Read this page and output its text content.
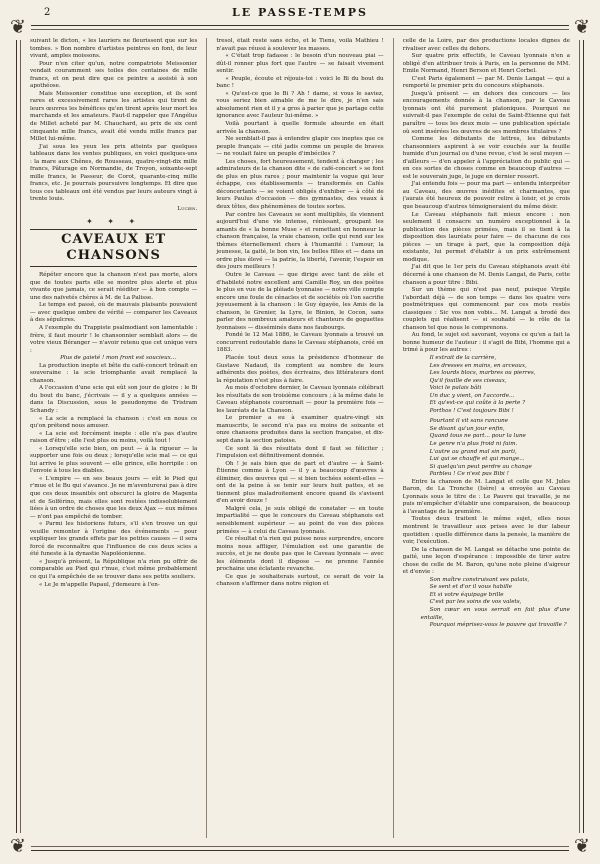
2	LE PASSE-TEMPS
❦	❦
❦	❦

suivant le dicton, « les lauriers ne fleurissent que sur les tombes. » Bon nombre d'artistes peintres en font, de leur vivant, amples moissons.

Pour n'en citer qu'un, notre compatriote Meissonier vendait couramment ses toiles des centaines de mille francs, et on peut dire que ce peintre a assisté à son apothéose.

Mais Meissonier constitue une exception, et ils sont rares et excessivement rares les artistes qui tirent de leurs œuvres les bénéfices qu'en tirent après leur mort les marchands et les amateurs. Faut-il rappeler que l'Angélus de Millet acheté par M. Chauchard, au prix de six cent cinquante mille francs, avait été vendu mille francs par Millet lui-même.

J'ai sous les yeux les prix atteints par quelques tableaux dans les ventes publiques, en voici quelques-uns : la mare aux Chênes, de Rousseau, quatre-vingt-dix mille francs, Pâturage en Normandie, de Troyon, soixante-sept mille francs, le Passeur, de Corot, quarante-cinq mille francs, etc. Je pourrais poursuivre longtemps. Et dire que tous ces tableaux ont été vendus par leurs auteurs vingt à trente louis.

Lucien.

✦ ✦ ✦
CAVEAUX ET CHANSONS

Répéter encore que la chanson n'est pas morte, alors que de toutes parts elle se montre plus alerte et plus vivante que jamais, ce serait rééditer — à bon compte — une des naïvetés chères à M. de La Palisse.

Le temps est passé, où de mauvais plaisants pouvaient — avec quelque ombre de vérité — comparer les Caveaux à des sépulcres.

A l'exemple du Trappiste psalmodiant son lamentable : frère, il faut mourir ! le chansonnier semblait alors — de votre vieux Béranger — n'avoir retenu que cet unique vers :

Plus de gaieté ! mon front est soucieux...

La production inepte et bête du café-concert trônait en souveraine : la scie triomphante avait remplacé la chanson.

A l'occasion d'une scie qui eût son jour de gloire : le Bi du bout du banc, j'écrivais — il y a quelques années — dans la Discussion, sous le pseudonyme de Tristram Schandy :

« La scie a remplacé la chanson : c'est en nous ce qu'on prétend nous amuser.

« La scie est forcément inepte : elle n'a pas d'autre raison d'être ; elle l'est plus ou moins, voilà tout !

« Lorsqu'elle scie bien, on peut — à la rigueur — la supporter une fois ou deux ; lorsqu'elle scie mal — ce qui lui arrive le plus souvent — elle grince, elle horripile : on l'envoie à tous les diables.

« L'empire — en ses beaux jours — eût le Pied qui r'mue et le Bu qui s'avance. Je ne m'aventurerai pas à dire que ces deux insanités ont obscurci la gloire de Magenta et de Solférino, mais elles sont restées indissolublement liées à un ordre de choses que les deux Ajax — eux mêmes — n'ont pas empêché de tomber.

« Parmi les historiens futurs, s'il s'en trouve un qui veuille remonter à l'origine des événements — pour expliquer les grands effets par les petites causes — il sera forcé de reconnaître que l'influence de ces deux scies a été funeste à la dynastie Napoléonienne.

« Jusqu'à présent, la République n'a rien pu offrir de comparable au Pied qui r'mue, c'est même probablement ce qui l'a empêchée de se trouver dans ses petits souliers.

« Le Je m'appelle Papaul, j'demeure à l'en-

tresol, était resté sans écho, et le Tiens, voilà Mathieu ! n'avait pas réussi à soulever les masses.

« C'était trop fadasse : le besoin d'un nouveau piai — dût-il ronner plus fort que l'autre — se faisait vivement sentir.

« Peuple, écoute et réjouis-toi : voici le Bi du bout du banc !

« Qu'est-ce que le Bi ? Ah ! dame, si vous le saviez, vous seriez bien aimable de me le dire, je n'en sais absolument rien et il y a gros à parier que je partage cette ignorance avec l'auteur lui-même. »

Voilà pourtant à quelle formule absurde en était arrivée la chanson.

Ne semblait-il pas à entendre glapir ces ineptes que ce peuple français — cité jadis comme un peuple de braves — ne voulait faire un peuple d'imbéciles ?

Les choses, fort heureusement, tendent à changer ; les admirateurs de la chanson dite « de café-concert » se font de plus en plus rares ; pour maintenir la vogue qui leur échappe, ces établissements — transformés en Cafés déconcertants — se voient obligés d'exhiber — à côté de leurs Paulus d'occasion — des gymnastes, des veaux à deux têtes, des phénomènes de toutes sortes.

Par contre les Caveaux se sont multipliés, ils viennent aujourd'hui d'une vie intense, rénissant, groupant les amants de « la bonne Muse » et remettant en honneur la chanson française, la vraie chanson, celle qui rend sur les thèmes éternellement chers à l'humanité : l'amour, la jeunesse, la gaité, le bon vin, les belles filles et — dans un ordre plus élevé — la patrie, la liberté, l'avenir, l'espoir en des jours meilleurs !

Outre le Caveau — que dirige avec tant de zèle et d'habileté notre excellent ami Camille Roy, un des poètes le plus en vue de la pléiade lyonnaise — notre ville compte encore une foule de cénacles et de sociétés où l'on sacrifie joyeusement à la chanson : le Guy égayée, les Amis de la chanson, le Grenier, la Lyre, le Binion, le Cocon, sans parler des nombreux amateurs et chanteurs de goguettes lyonnaises — disséminés dans nos faubourgs.

Fondé le 12 Mai 1886, le Caveau lyonnais a trouvé un concurrent redoutable dans le Caveau stéphanois, créé en 1883.

Placée tout deux sous la présidence d'honneur de Gustave Nadaud, ils comptent au nombre de leurs adhérents des poètes, des écrivains, des littérateurs dont la réputation n'est plus à faire.

Au mois d'octobre dernier, le Caveau lyonnais célébrait les résultats de son troisième concours ; à la même date le Caveau stéphanois couronnait — pour la première fois — les lauréats de la Chanson.

Le premier a eu à examiner quatre-vingt six manuscrits, le second n'a pas eu moins de soixante et onze chansons produites dans la section française, et dix-sept dans la section patoise.

Ce sont là des résultats dont il faut se féliciter ; l'impulsion est définitivement donnée.

Oh ! je sais bien que de part et d'autre — à Saint-Étienne comme à Lyon — il y a beaucoup d'œuvres à éliminer, des œuvres qui — si bien techées soient-elles — ont de la peine à se tenir sur leurs huit pattes, et se tiennent plus maladroitement encore quand ils s'avisent d'en avoir douze !

Malgré cela, je suis obligé de constater — en toute impartialité — que le concours du Caveau stéphanois est sensiblement supérieur — au point de vue des pièces primées — à celui du Caveau lyonnais.

Ce résultat n'a rien qui puisse nous surprendre, encore moins nous affliger, l'émulation est une garantie de succès, et je ne doute pas que le Caveau lyonnais — avec les éléments dont il dispose — ne prenne l'année prochaine une éclatante revanche.

Ce que je souhaiterais surtout, ce serait de voir la chanson s'affirmer dans notre région et

celle de la Loire, par des productions locales dignes de rivaliser avec celles du dehors.

Sur quatre prix effectifs, le Caveau lyonnais n'en a obligé d'en attribuer trois à Paris, en la personne de MM. Emile Normand, Henri Berson et Henri Corbel.

C'est Paris également — par M. Denis Langat — qui a remporté le premier prix du concours stéphanois.

Jusqu'à présent — en dehors des concours — les encouragements donnés à la chanson, par le Caveau lyonnais ont été purement platoniques. Pourquoi ne suivrait-il pas l'exemple de celui de Saint-Étienne qui fait paraître — tous les deux mois — une publication spéciale où sont insérées les œuvres de ses membres titulaires ?

Comme les débutants de lettres, les débutants chansonniers aspirent à se voir couchés sur la feuille humide d'un journal ou d'une revue, c'est le seul moyen — d'ailleurs — d'en appeler à l'appréciation du public qui — en ces sortes de choses comme en beaucoup d'autres — est le souverain juge, le juge en dernier ressort.

J'ai entendu fois — pour ma part — entendu interpréter au Caveau, des œuvres inédites et charmantes, que j'aurais été heureux de pouvoir relire à loisir, et je crois que beaucoup d'autres témoigneraient du même désir.

Le Caveau stéphanois fait mieux encore : non seulement il consacre un numéro exceptionnel à la publication des pièces primées, mais il se tient à la disposition des lauréats pour faire — de chacune de ces pièces — un tirage à part, que la composition déjà existante, lui permet d'établir à un prix extrêmement modique.

J'ai dit que le 1er prix du Caveau stéphanois avait été décerné à une chanson de M. Denis Langat, de Paris, cette chanson a pour titre : Bibi.

Sur un thème qui n'est pas neuf, puisque Virgile l'abordait déjà — de son temps — dans les quatre vers postmétriques qui commencent par ces mots restés classiques : Sic vos non vobis... M. Langat a brodé des couplets qui réalisent — si souhaité — le rôle de la chanson tel que nous le comprenons.

Au fond, le sujet est savorant, voyons ce qu'en a fait la bonne humeur de l'auteur : il s'agit de Bibi, l'homme qui a trimé à pour les autres :

Il extrait de la carrière,

Les dresses en mains, en arceaux,

Les lourds blocs, marbres ou pierres,

Qu'il fouille de ses ciseaux,

Voici le palais bâti

Un duc y vient, on l'accorde...

Et qu'est-ce qui coûte à la perte ?

Porthos ! C'est toujours Bibi !

Pourtant il vit sans rancune

Se disant qu'un jour enfin,

Quand tous ne part... pour la lune

Le genre n'a plus froid ni faim.

L'autre au grand mal sin parti,

Lui qui se chauffe et qui mange...

Si quelqu'un peut perdre au change

Parbleu ! Ce n'est pas Bibi !

Entre la chanson de M. Langat et celle que M. Jules Baron, de La Tronche (Isère) a envoyée au Caveau Lyonnais sous le titre de : Le Pauvre qui travaille, je ne puis m'empêcher d'établir une comparaison, de beaucoup à l'avantage de la première.

Toutes deux traitent le même sujet, elles nous montrent le travailleur aux prises avec le dur labeur quotidien : quelle différence dans la pensée, la manière de voir, l'exécution.

De la chanson de M. Langat se détache une pointe de gaité, une leçon d'espérance : impossible de tirer autre chose de celle de M. Baron, qu'une note pleine d'aigreur et d'envie :

Son maître construisant ses palais,

Se sent et d'or il vous habille

Et si votre équipage brille

C'est par les soins de vos valets,

Son cœur en vous serrait en fait plus d'une entaille,

Pourquoi méprisez-vous le pauvre qui travaille ?
